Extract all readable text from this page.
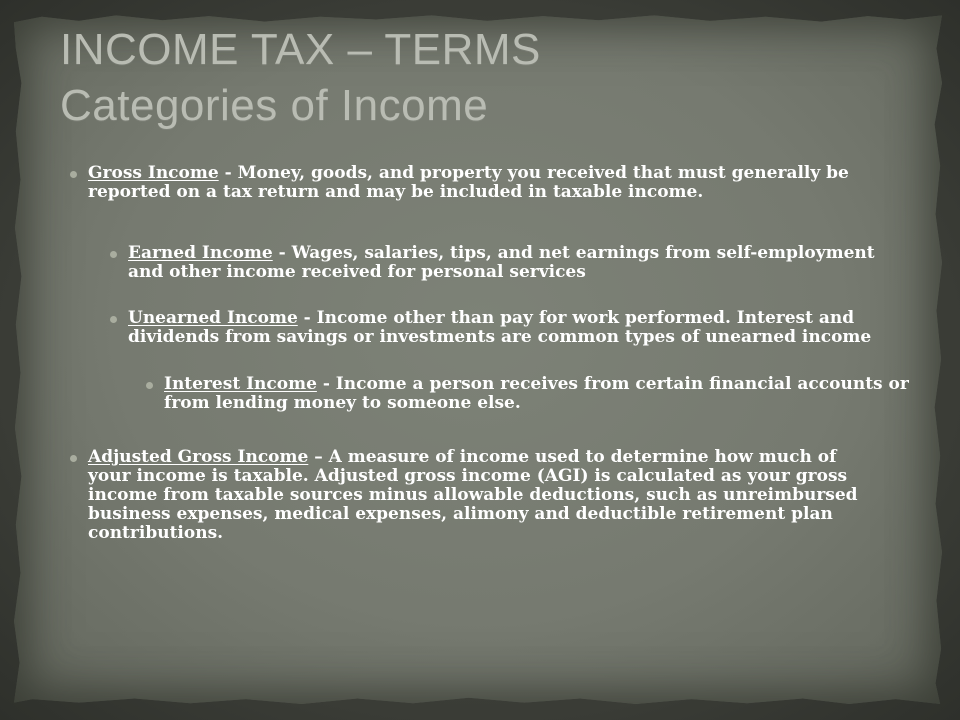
INCOME TAX – TERMS
Categories of Income
Gross Income - Money, goods, and property you received that must generally be reported on a tax return and may be included in taxable income.
Earned Income - Wages, salaries, tips, and net earnings from self-employment and other income received for personal services
Unearned Income - Income other than pay for work performed. Interest and dividends from savings or investments are common types of unearned income
Interest Income - Income a person receives from certain financial accounts or from lending money to someone else.
Adjusted Gross Income – A measure of income used to determine how much of your income is taxable. Adjusted gross income (AGI) is calculated as your gross income from taxable sources minus allowable deductions, such as unreimbursed business expenses, medical expenses, alimony and deductible retirement plan contributions.
